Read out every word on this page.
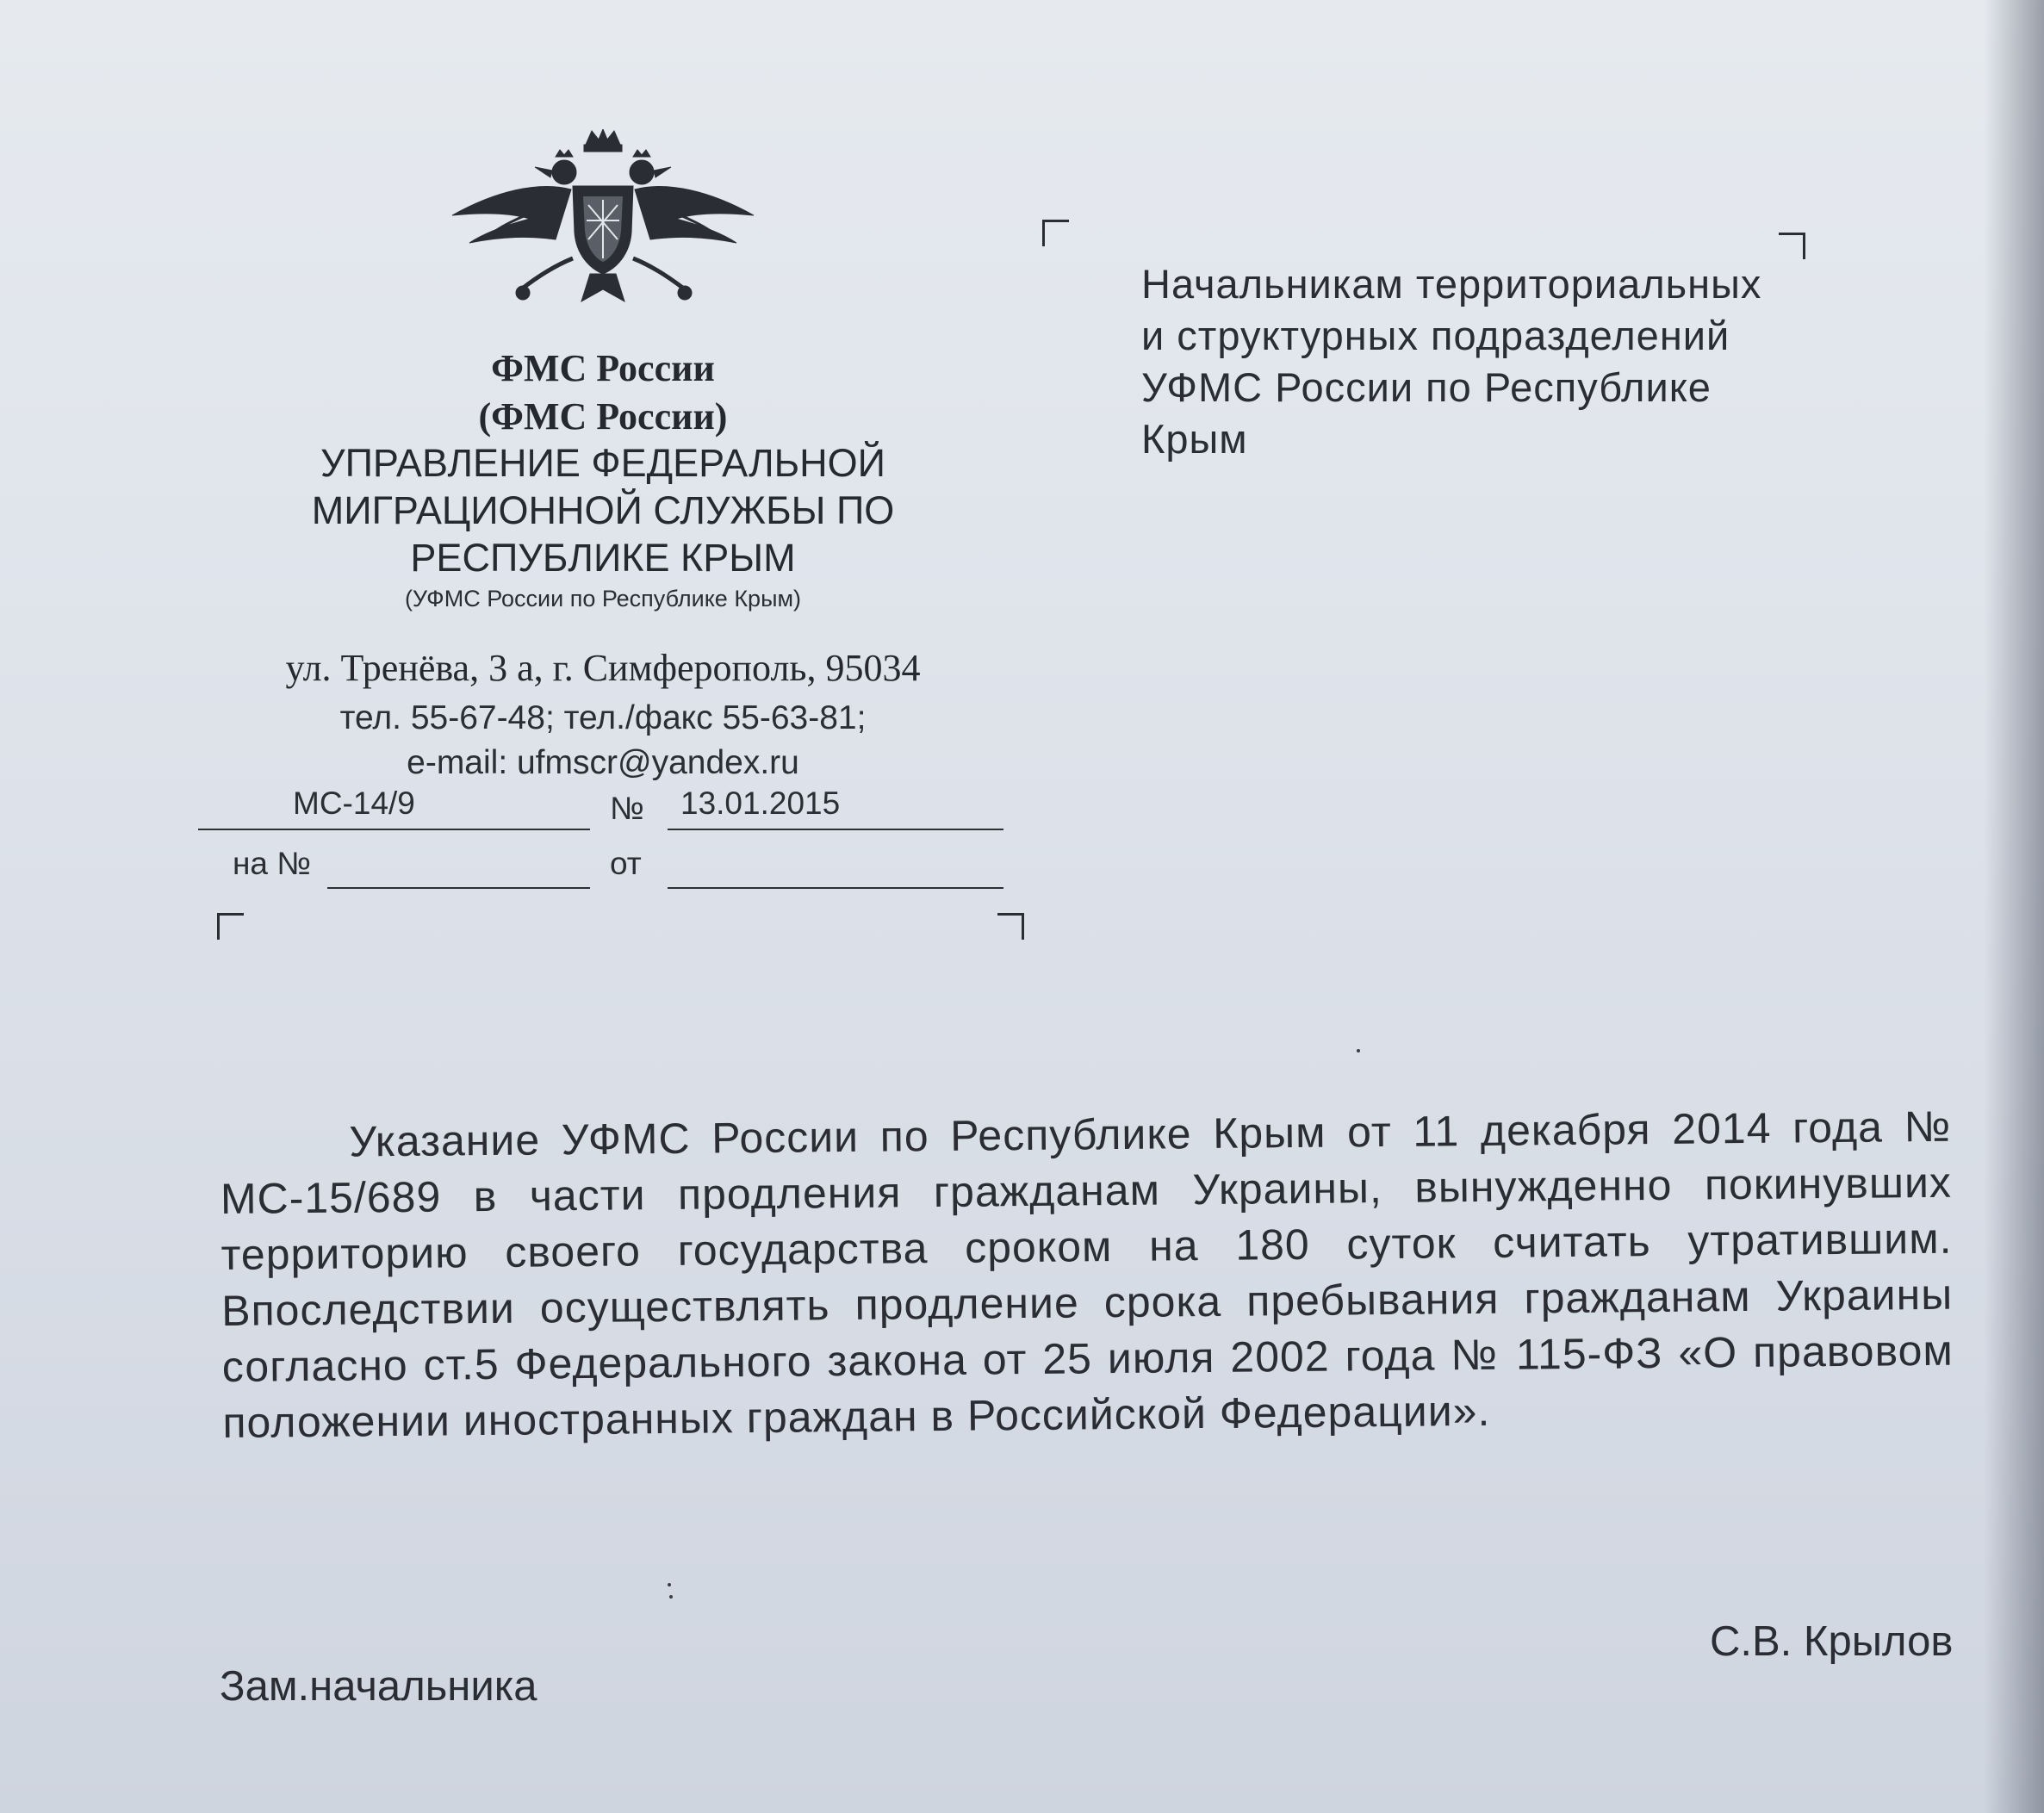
ФМС России
(ФМС России)
УПРАВЛЕНИЕ ФЕДЕРАЛЬНОЙ
МИГРАЦИОННОЙ СЛУЖБЫ ПО
РЕСПУБЛИКЕ КРЫМ
(УФМС России по Республике Крым)
ул. Тренёва, 3 а, г. Симферополь, 95034
тел. 55-67-48; тел./факс 55-63-81;
e-mail: ufmscr@yandex.ru
МС-14/9	№ 13.01.2015
на №	от
Начальникам территориальных
и структурных подразделений
УФМС России по Республике
Крым
Указание УФМС России по Республике Крым от 11 декабря 2014 года № МС-15/689 в части продления гражданам Украины, вынужденно покинувших территорию своего государства сроком на 180 суток считать утратившим. Впоследствии осуществлять продление срока пребывания гражданам Украины согласно ст.5 Федерального закона от 25 июля 2002 года № 115-ФЗ «О правовом положении иностранных граждан в Российской Федерации».
С.В. Крылов
Зам.начальника
